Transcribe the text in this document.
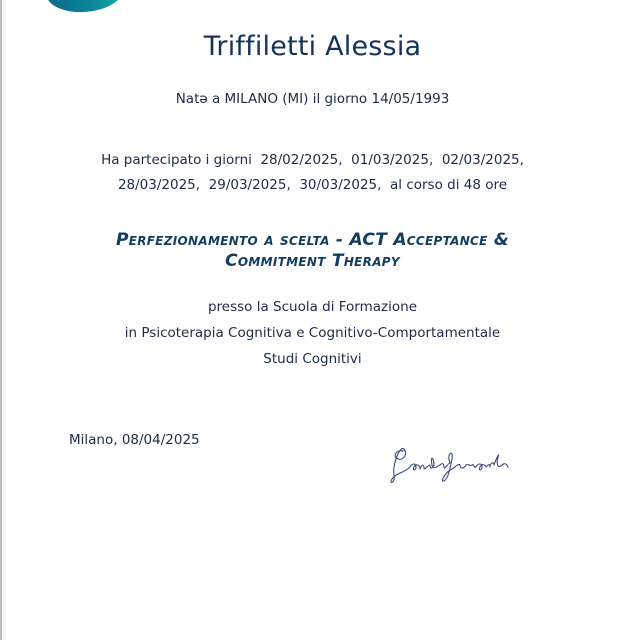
Triffiletti Alessia
Natə a MILANO (MI) il giorno 14/05/1993
Ha partecipato i giorni  28/02/2025,  01/03/2025,  02/03/2025,
28/03/2025,  29/03/2025,  30/03/2025,  al corso di 48 ore
Perfezionamento a scelta - ACT Acceptance &
Commitment Therapy
presso la Scuola di Formazione
in Psicoterapia Cognitiva e Cognitivo-Comportamentale
Studi Cognitivi
Milano, 08/04/2025
